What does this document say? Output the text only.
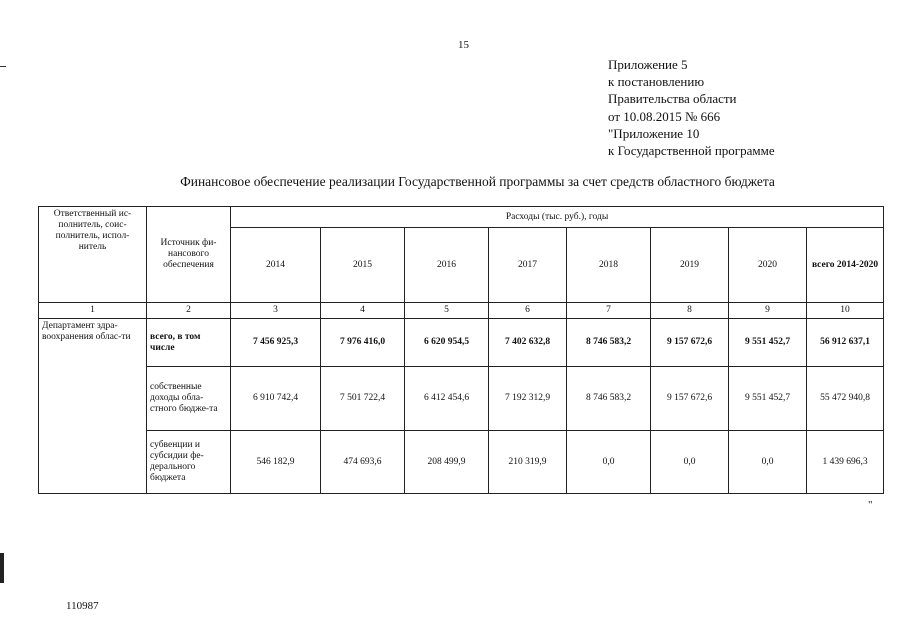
15
Приложение 5
к постановлению
Правительства области
от 10.08.2015 № 666
"Приложение 10
к Государственной программе
Финансовое обеспечение реализации Государственной программы за счет средств областного бюджета
Ответственный ис-полнитель, соис-полнитель, испол-нитель	Источник фи-нансового обеспечения	Расходы (тыс. руб.), годы							
		2014	2015	2016	2017	2018	2019	2020	всего 2014-2020
1	2	3	4	5	6	7	8	9	10
Департамент здра-воохранения облас-ти	всего, в том числе	7 456 925,3	7 976 416,0	6 620 954,5	7 402 632,8	8 746 583,2	9 157 672,6	9 551 452,7	56 912 637,1
	собственные доходы обла-стного бюдже-та	6 910 742,4	7 501 722,4	6 412 454,6	7 192 312,9	8 746 583,2	9 157 672,6	9 551 452,7	55 472 940,8
	субвенции и субсидии фе-дерального бюджета	546 182,9	474 693,6	208 499,9	210 319,9	0,0	0,0	0,0	1 439 696,3
"
110987
